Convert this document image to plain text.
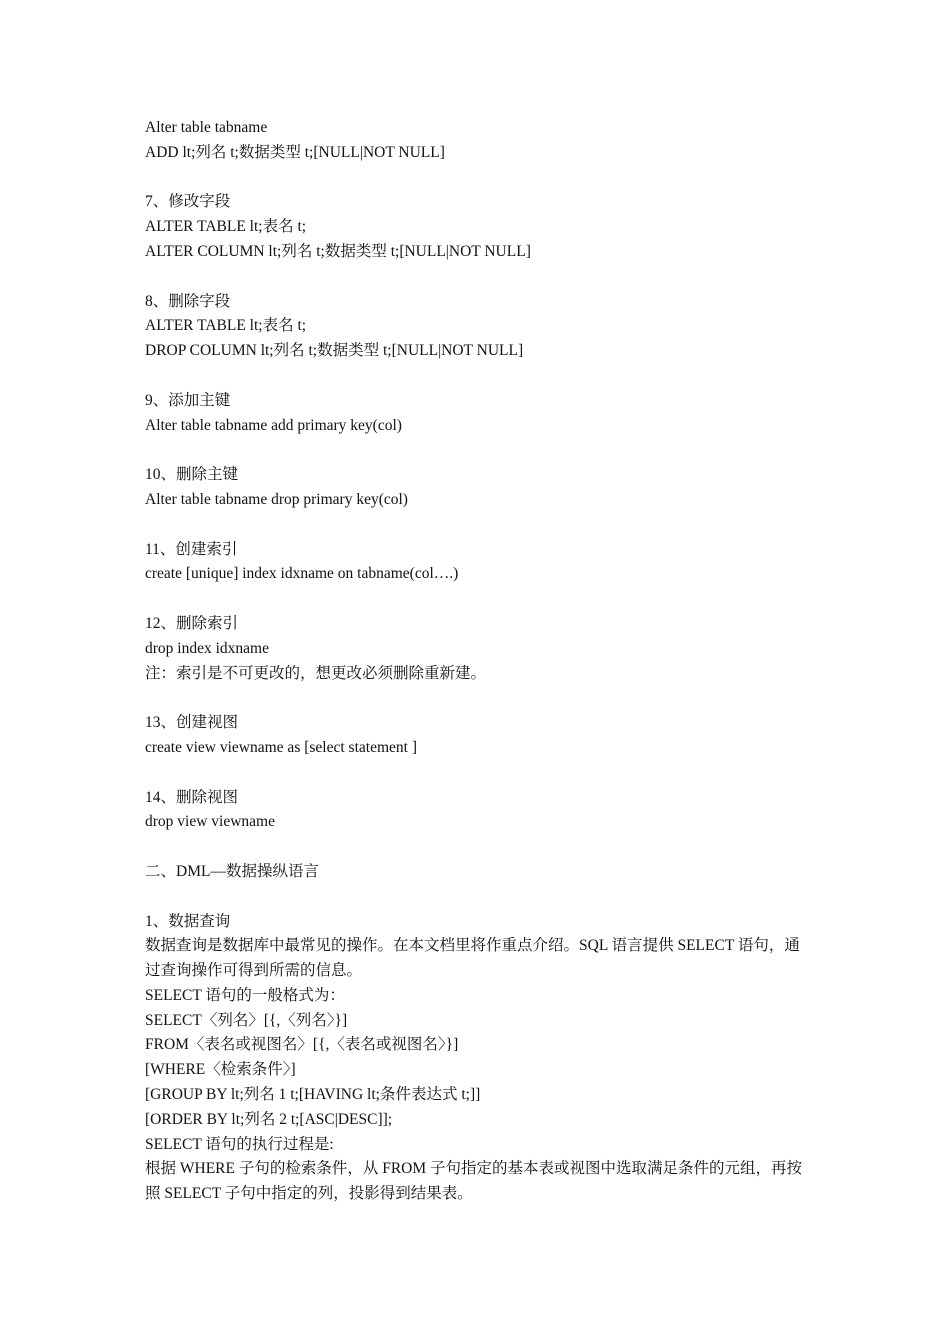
Alter table tabname
ADD lt;列名 t;数据类型 t;[NULL|NOT NULL]
7、修改字段
ALTER TABLE lt;表名 t;
ALTER COLUMN lt;列名 t;数据类型 t;[NULL|NOT NULL]
8、删除字段
ALTER TABLE lt;表名 t;
DROP COLUMN lt;列名 t;数据类型 t;[NULL|NOT NULL]
9、添加主键
Alter table tabname add primary key(col)
10、删除主键
Alter table tabname drop primary key(col)
11、创建索引
create [unique] index idxname on tabname(col….)
12、删除索引
drop index idxname
注：索引是不可更改的，想更改必须删除重新建。
13、创建视图
create view viewname as [select statement ]
14、删除视图
drop view viewname
二、DML—数据操纵语言
1、数据查询
数据查询是数据库中最常见的操作。在本文档里将作重点介绍。SQL 语言提供 SELECT 语句，通过查询操作可得到所需的信息。
SELECT 语句的一般格式为：
SELECT〈列名〉[{,〈列名〉}]
FROM〈表名或视图名〉[{,〈表名或视图名〉}]
[WHERE〈检索条件〉]
[GROUP BY lt;列名 1 t;[HAVING lt;条件表达式 t;]]
[ORDER BY lt;列名 2 t;[ASC|DESC]];
SELECT 语句的执行过程是:
根据 WHERE 子句的检索条件，从 FROM 子句指定的基本表或视图中选取满足条件的元组，再按照 SELECT 子句中指定的列，投影得到结果表。
